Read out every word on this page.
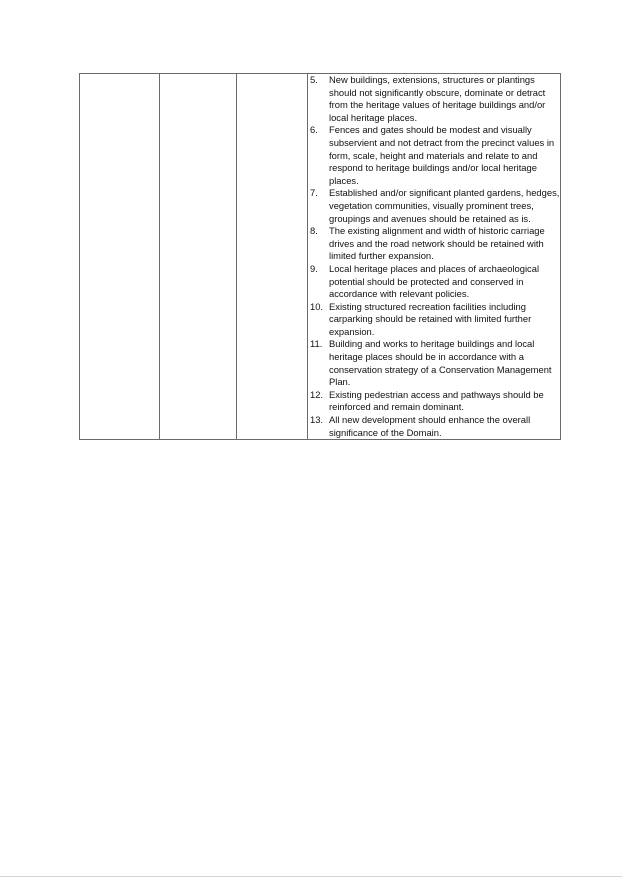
5.	New buildings, extensions, structures or plantings should not significantly obscure, dominate or detract from the heritage values of heritage buildings and/or local heritage places.
6.	Fences and gates should be modest and visually subservient and not detract from the precinct values in form, scale, height and materials and relate to and respond to heritage buildings and/or local heritage places.
7.	Established and/or significant planted gardens, hedges, vegetation communities, visually prominent trees, groupings and avenues should be retained as is.
8.	The existing alignment and width of historic carriage drives and the road network should be retained with limited further expansion.
9.	Local heritage places and places of archaeological potential should be protected and conserved in accordance with relevant policies.
10. Existing structured recreation facilities including carparking should be retained with limited further expansion.
11. Building and works to heritage buildings and local heritage places should be in accordance with a conservation strategy of a Conservation Management Plan.
12. Existing pedestrian access and pathways should be reinforced and remain dominant.
13. All new development should enhance the overall significance of the Domain.
